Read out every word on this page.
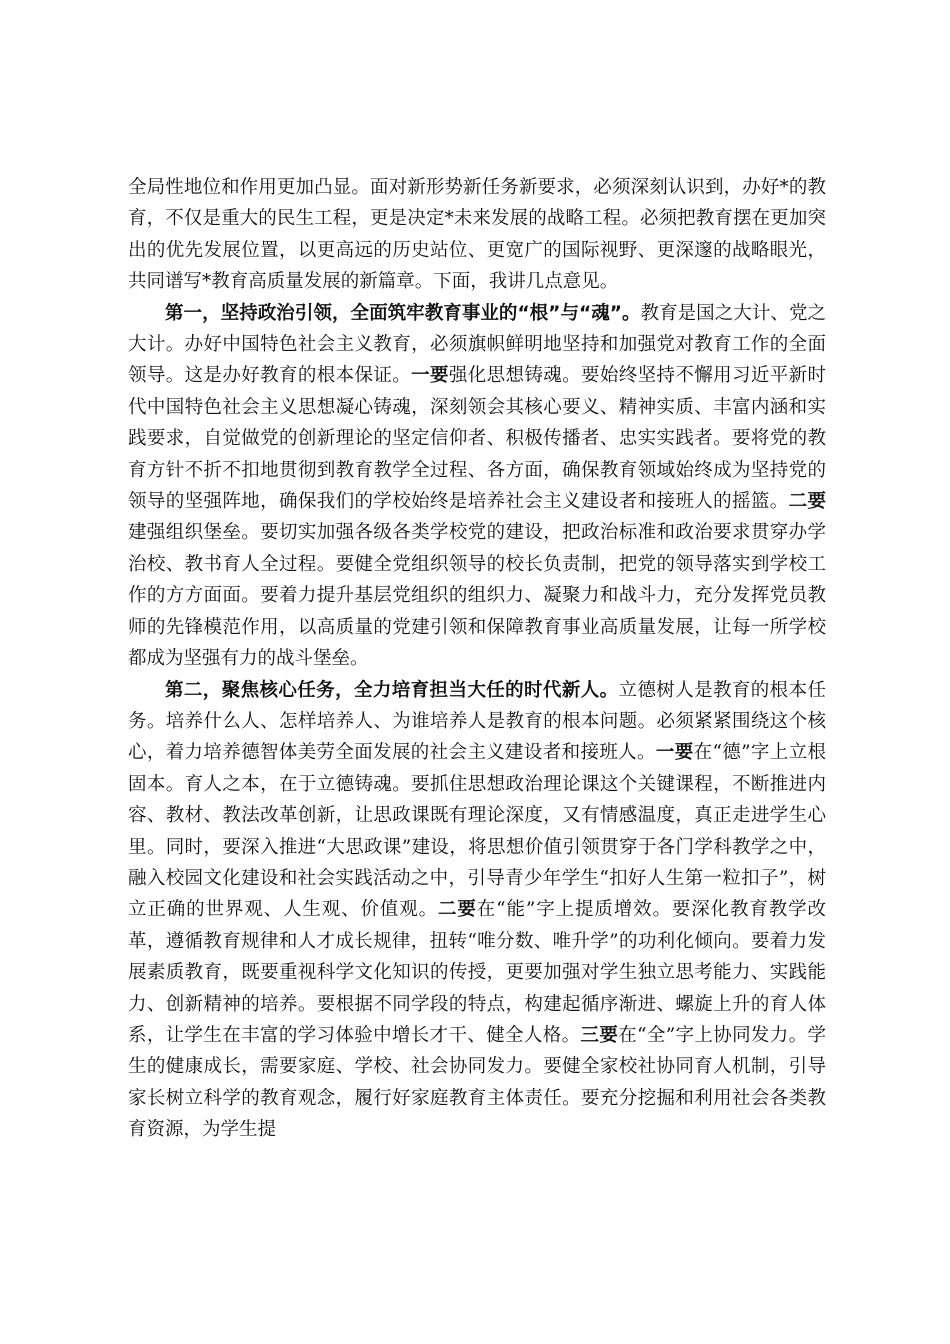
全局性地位和作用更加凸显。面对新形势新任务新要求，必须深刻认识到，办好*的教育，不仅是重大的民生工程，更是决定*未来发展的战略工程。必须把教育摆在更加突出的优先发展位置，以更高远的历史站位、更宽广的国际视野、更深邃的战略眼光，共同谱写*教育高质量发展的新篇章。下面，我讲几点意见。

第一，坚持政治引领，全面筑牢教育事业的“根”与“魂”。教育是国之大计、党之大计。办好中国特色社会主义教育，必须旗帜鲜明地坚持和加强党对教育工作的全面领导。这是办好教育的根本保证。一要强化思想铸魂。要始终坚持不懈用习近平新时代中国特色社会主义思想凝心铸魂，深刻领会其核心要义、精神实质、丰富内涵和实践要求，自觉做党的创新理论的坚定信仰者、积极传播者、忠实实践者。要将党的教育方针不折不扣地贯彻到教育教学全过程、各方面，确保教育领域始终成为坚持党的领导的坚强阵地，确保我们的学校始终是培养社会主义建设者和接班人的摇篮。二要建强组织堡垒。要切实加强各级各类学校党的建设，把政治标准和政治要求贯穿办学治校、教书育人全过程。要健全党组织领导的校长负责制，把党的领导落实到学校工作的方方面面。要着力提升基层党组织的组织力、凝聚力和战斗力，充分发挥党员教师的先锋模范作用，以高质量的党建引领和保障教育事业高质量发展，让每一所学校都成为坚强有力的战斗堡垒。

第二，聚焦核心任务，全力培育担当大任的时代新人。立德树人是教育的根本任务。培养什么人、怎样培养人、为谁培养人是教育的根本问题。必须紧紧围绕这个核心，着力培养德智体美劳全面发展的社会主义建设者和接班人。一要在“德”字上立根固本。育人之本，在于立德铸魂。要抓住思想政治理论课这个关键课程，不断推进内容、教材、教法改革创新，让思政课既有理论深度，又有情感温度，真正走进学生心里。同时，要深入推进“大思政课”建设，将思想价值引领贯穿于各门学科教学之中，融入校园文化建设和社会实践活动之中，引导青少年学生“扣好人生第一粒扣子”，树立正确的世界观、人生观、价值观。二要在“能”字上提质增效。要深化教育教学改革，遵循教育规律和人才成长规律，扭转“唯分数、唯升学”的功利化倾向。要着力发展素质教育，既要重视科学文化知识的传授，更要加强对学生独立思考能力、实践能力、创新精神的培养。要根据不同学段的特点，构建起循序渐进、螺旋上升的育人体系，让学生在丰富的学习体验中增长才干、健全人格。三要在“全”字上协同发力。学生的健康成长，需要家庭、学校、社会协同发力。要健全家校社协同育人机制，引导家长树立科学的教育观念，履行好家庭教育主体责任。要充分挖掘和利用社会各类教育资源，为学生提
